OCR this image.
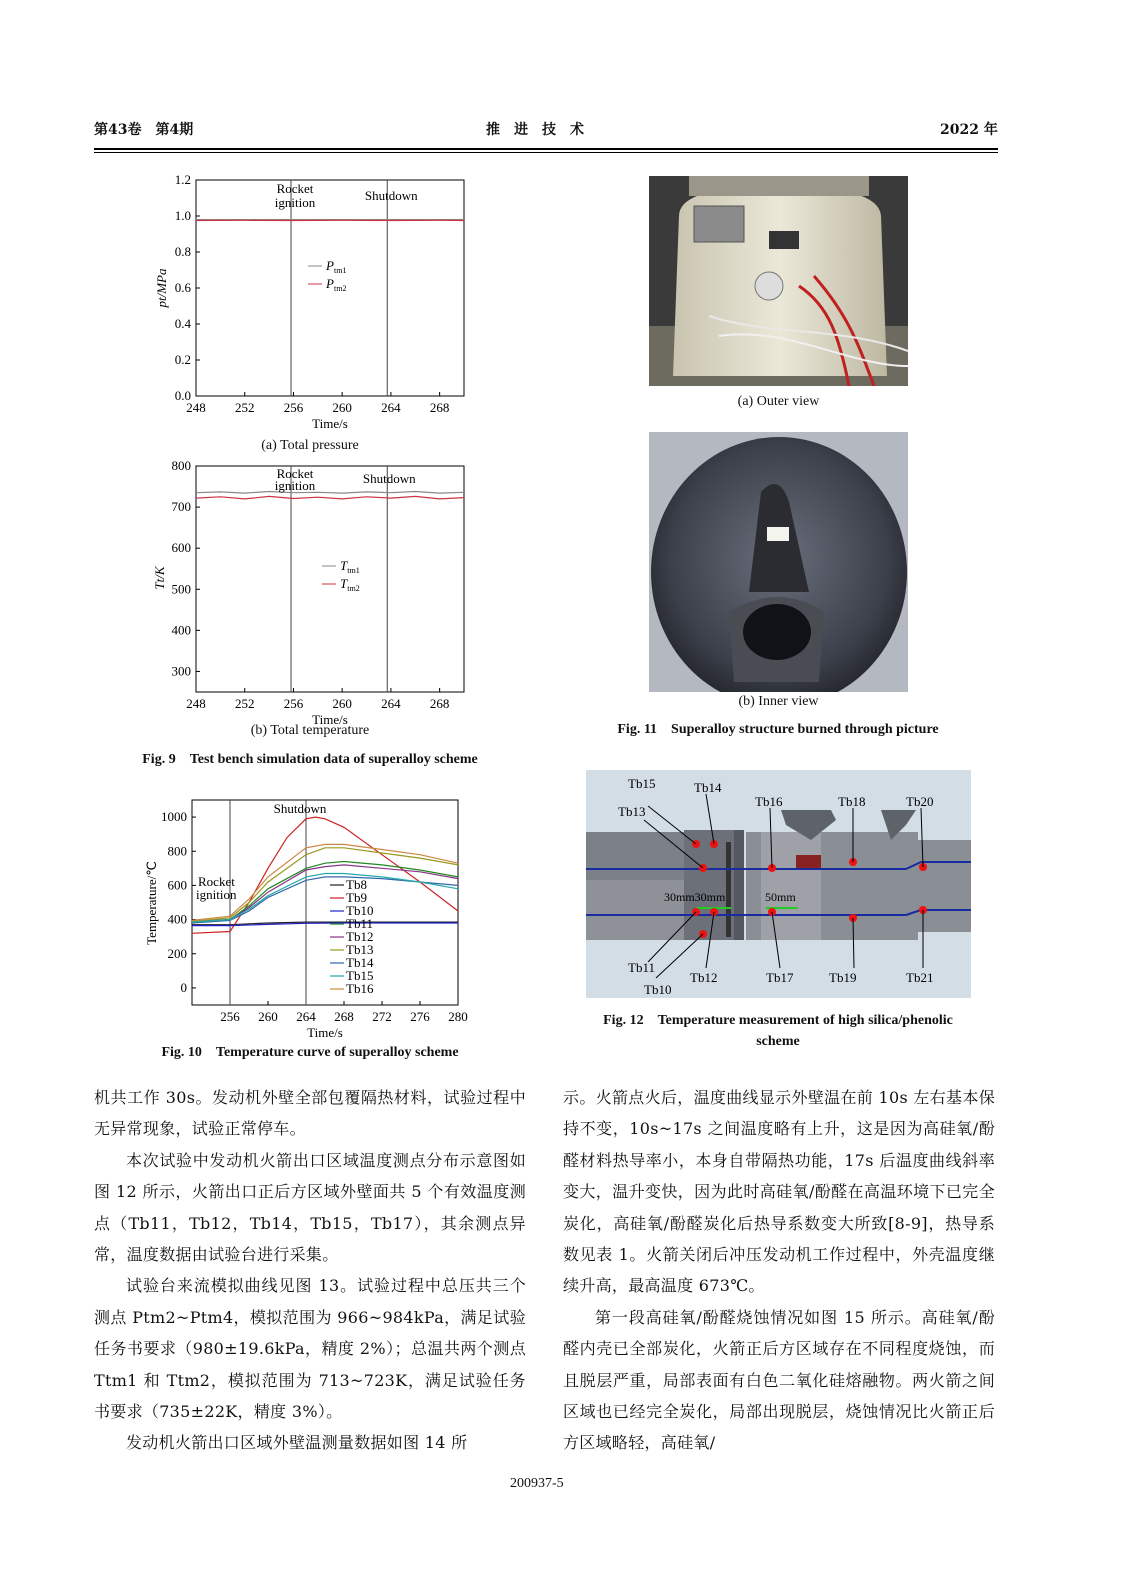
第43卷　第4期	推　进　技　术	2022 年
248 252 256 260 264 268
0.0
0.2
0.4
0.6
0.8
1.0
1.2
Time/s
pt/MPa
Rocket
ignition	Shutdown
$P_{tm1}$
$P_{tm2}$
(a) Total pressure
248 252 256 260 264 268
300
400
500
600
700
800
Time/s
Tt/K
Rocket
ignition	Shutdown
$T_{tm1}$
$T_{tm2}$
(b) Total temperature
Fig. 9　Test bench simulation data of superalloy scheme
256 260 264 268 272 276 280
0
200
400
600
800
1000
Time/s
Temperature/℃	Rocket
ignition
Shutdown
Tb8
Tb9
Tb10
Tb11
Tb12
Tb13
Tb14
Tb15
Tb16
Fig. 10　Temperature curve of superalloy scheme
(a) Outer view
(b) Inner view
Fig. 11　Superalloy structure burned through picture
Tb15	Tb14
Tb13
Tb16	Tb18	Tb20
Tb11
Tb10
Tb12	Tb17	Tb19	Tb21
30mm30mm	50mm
Fig. 12　Temperature measurement of high silica/phenolic
scheme

机共工作 30s。发动机外壁全部包覆隔热材料，试验过程中无异常现象，试验正常停车。

本次试验中发动机火箭出口区域温度测点分布示意图如图 12 所示，火箭出口正后方区域外壁面共 5 个有效温度测点（Tb11，Tb12，Tb14，Tb15，Tb17），其余测点异常，温度数据由试验台进行采集。

试验台来流模拟曲线见图 13。试验过程中总压共三个测点 Ptm2~Ptm4，模拟范围为 966~984kPa，满足试验任务书要求（980±19.6kPa，精度 2%）；总温共两个测点 Ttm1 和 Ttm2，模拟范围为 713~723K，满足试验任务书要求（735±22K，精度 3%）。

发动机火箭出口区域外壁温测量数据如图 14 所

示。火箭点火后，温度曲线显示外壁温在前 10s 左右基本保持不变，10s~17s 之间温度略有上升，这是因为高硅氧/酚醛材料热导率小，本身自带隔热功能，17s 后温度曲线斜率变大，温升变快，因为此时高硅氧/酚醛在高温环境下已完全炭化，高硅氧/酚醛炭化后热导系数变大所致[8-9]，热导系数见表 1。火箭关闭后冲压发动机工作过程中，外壳温度继续升高，最高温度 673℃。

第一段高硅氧/酚醛烧蚀情况如图 15 所示。高硅氧/酚醛内壳已全部炭化，火箭正后方区域存在不同程度烧蚀，而且脱层严重，局部表面有白色二氧化硅熔融物。两火箭之间区域也已经完全炭化，局部出现脱层，烧蚀情况比火箭正后方区域略轻，高硅氧/

200937-5
